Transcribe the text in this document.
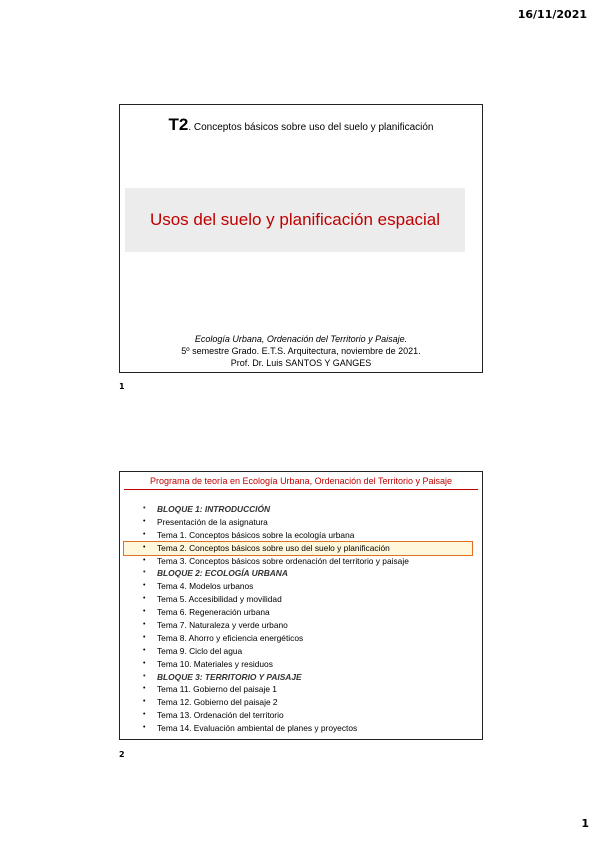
16/11/2021
T2. Conceptos básicos sobre uso del suelo y planificación
Usos del suelo y planificación espacial
Ecología Urbana, Ordenación del Territorio y Paisaje.
5º semestre Grado. E.T.S. Arquitectura, noviembre de 2021.
Prof. Dr. Luis SANTOS Y GANGES
1
Programa de teoría en Ecología Urbana, Ordenación del Territorio y Paisaje
• BLOQUE 1: INTRODUCCIÓN
• Presentación de la asignatura
• Tema 1. Conceptos básicos sobre la ecología urbana
• Tema 2. Conceptos básicos sobre uso del suelo y planificación
• Tema 3. Conceptos básicos sobre ordenación del territorio y paisaje
• BLOQUE 2: ECOLOGÍA URBANA
• Tema 4. Modelos urbanos
• Tema 5. Accesibilidad y movilidad
• Tema 6. Regeneración urbana
• Tema 7. Naturaleza y verde urbano
• Tema 8. Ahorro y eficiencia energéticos
• Tema 9. Ciclo del agua
• Tema 10. Materiales y residuos
• BLOQUE 3: TERRITORIO Y PAISAJE
• Tema 11. Gobierno del paisaje 1
• Tema 12. Gobierno del paisaje 2
• Tema 13. Ordenación del territorio
• Tema 14. Evaluación ambiental de planes y proyectos
2
1
